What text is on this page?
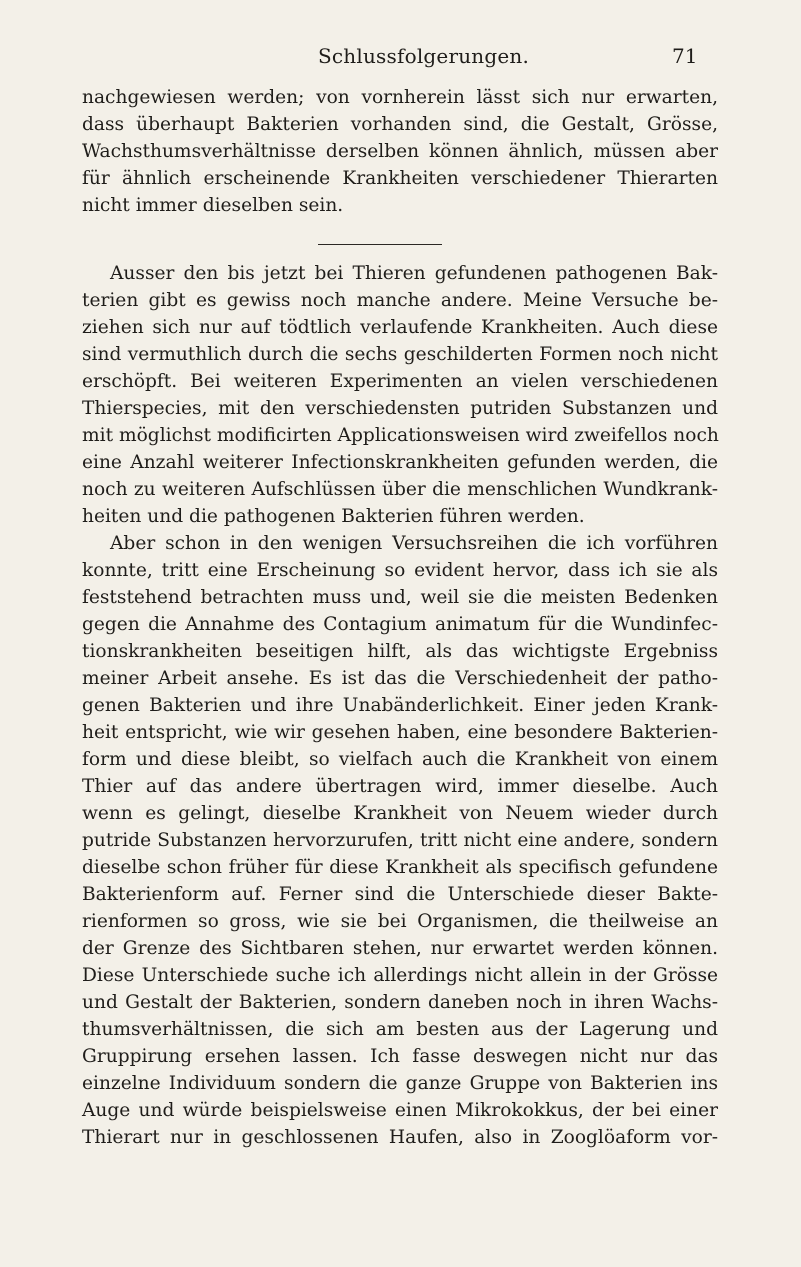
Schlussfolgerungen.	71
nachgewiesen werden; von vornherein lässt sich nur erwarten,
dass überhaupt Bakterien vorhanden sind, die Gestalt, Grösse,
Wachsthumsverhältnisse derselben können ähnlich, müssen aber
für ähnlich erscheinende Krankheiten verschiedener Thierarten
nicht immer dieselben sein.
Ausser den bis jetzt bei Thieren gefundenen pathogenen Bak-
terien gibt es gewiss noch manche andere. Meine Versuche be-
ziehen sich nur auf tödtlich verlaufende Krankheiten. Auch diese
sind vermuthlich durch die sechs geschilderten Formen noch nicht
erschöpft. Bei weiteren Experimenten an vielen verschiedenen
Thierspecies, mit den verschiedensten putriden Substanzen und
mit möglichst modificirten Applicationsweisen wird zweifellos noch
eine Anzahl weiterer Infectionskrankheiten gefunden werden, die
noch zu weiteren Aufschlüssen über die menschlichen Wundkrank-
heiten und die pathogenen Bakterien führen werden.
Aber schon in den wenigen Versuchsreihen die ich vorführen
konnte, tritt eine Erscheinung so evident hervor, dass ich sie als
feststehend betrachten muss und, weil sie die meisten Bedenken
gegen die Annahme des Contagium animatum für die Wundinfec-
tionskrankheiten beseitigen hilft, als das wichtigste Ergebniss
meiner Arbeit ansehe. Es ist das die Verschiedenheit der patho-
genen Bakterien und ihre Unabänderlichkeit. Einer jeden Krank-
heit entspricht, wie wir gesehen haben, eine besondere Bakterien-
form und diese bleibt, so vielfach auch die Krankheit von einem
Thier auf das andere übertragen wird, immer dieselbe. Auch
wenn es gelingt, dieselbe Krankheit von Neuem wieder durch
putride Substanzen hervorzurufen, tritt nicht eine andere, sondern
dieselbe schon früher für diese Krankheit als specifisch gefundene
Bakterienform auf. Ferner sind die Unterschiede dieser Bakte-
rienformen so gross, wie sie bei Organismen, die theilweise an
der Grenze des Sichtbaren stehen, nur erwartet werden können.
Diese Unterschiede suche ich allerdings nicht allein in der Grösse
und Gestalt der Bakterien, sondern daneben noch in ihren Wachs-
thumsverhältnissen, die sich am besten aus der Lagerung und
Gruppirung ersehen lassen. Ich fasse deswegen nicht nur das
einzelne Individuum sondern die ganze Gruppe von Bakterien ins
Auge und würde beispielsweise einen Mikrokokkus, der bei einer
Thierart nur in geschlossenen Haufen, also in Zooglöaform vor-
